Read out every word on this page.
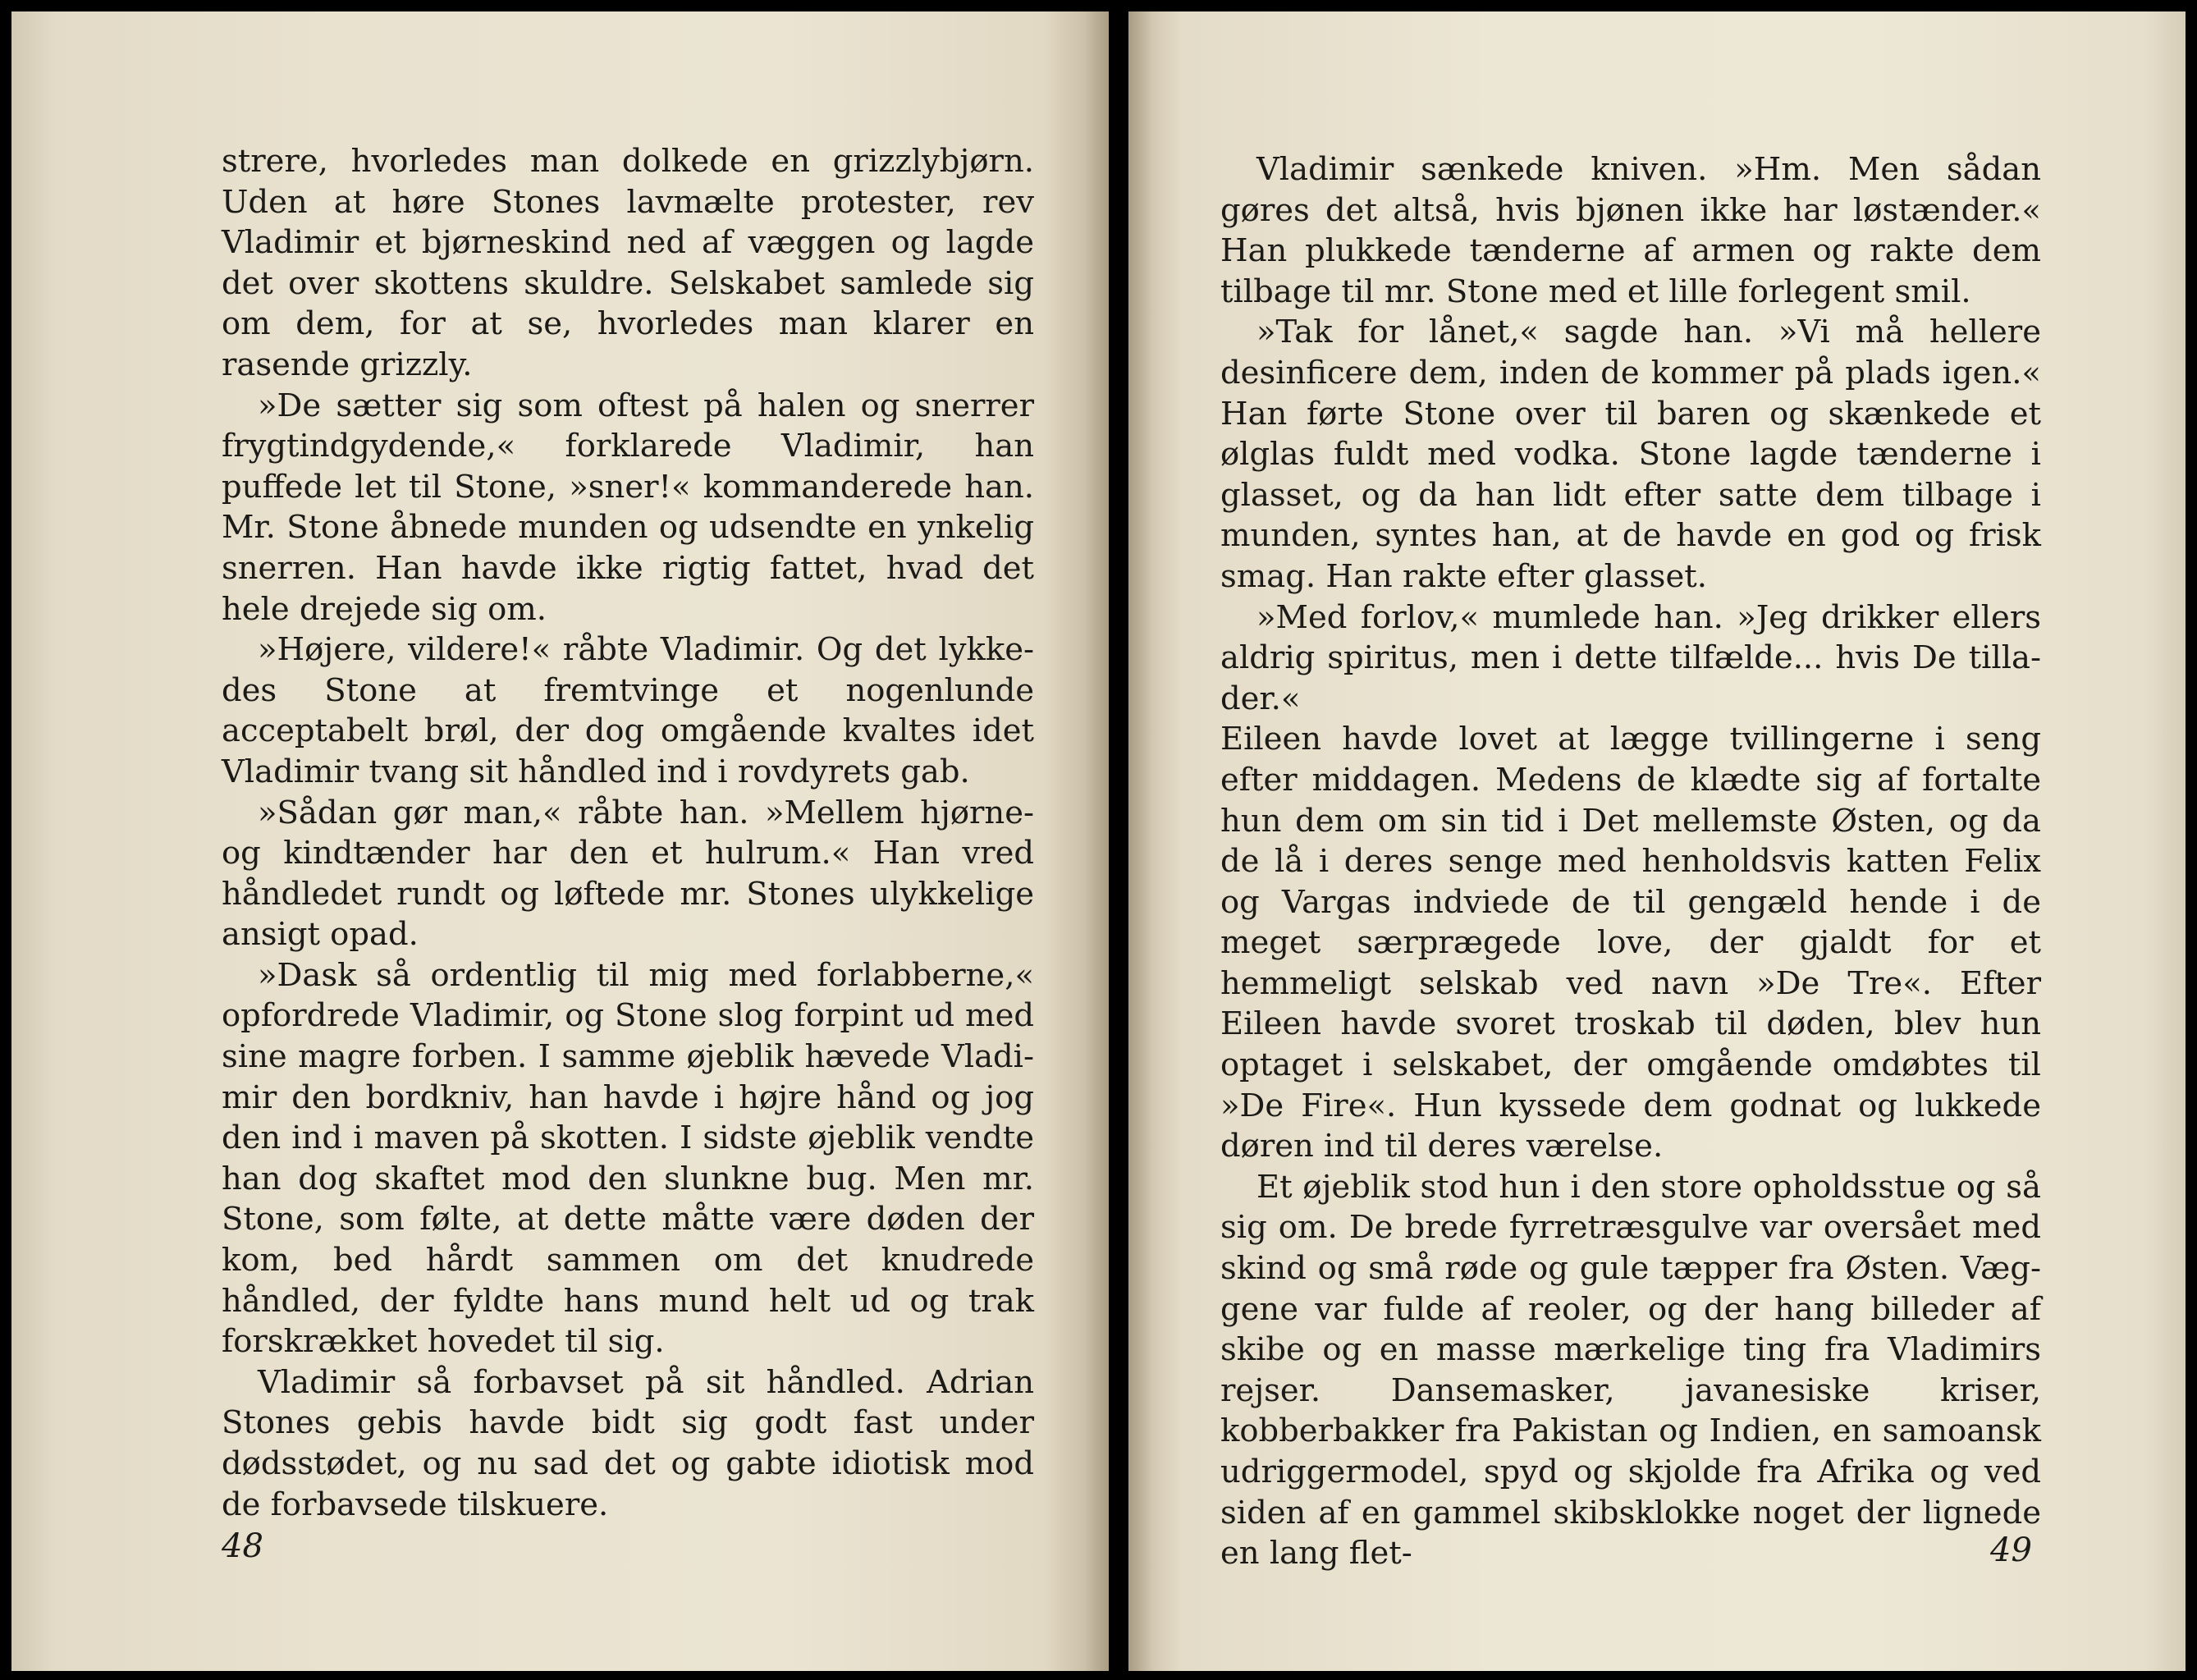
strere, hvorledes man dolkede en grizzlybjørn. Uden at høre Stones lavmælte protester, rev Vladimir et bjørneskind ned af væggen og lagde det over skottens skuldre. Selskabet samlede sig om dem, for at se, hvorledes man klarer en rasende grizzly.

»De sætter sig som oftest på halen og snerrer frygtindgydende,« forklarede Vladimir, han puffede let til Stone, »sner!« kommanderede han. Mr. Stone åbnede munden og udsendte en ynkelig snerren. Han havde ikke rigtig fattet, hvad det hele drejede sig om.

»Højere, vildere!« råbte Vladimir. Og det lykkedes Stone at fremtvinge et nogenlunde acceptabelt brøl, der dog omgående kvaltes idet Vladimir tvang sit håndled ind i rovdyrets gab.

»Sådan gør man,« råbte han. »Mellem hjørne- og kindtænder har den et hulrum.« Han vred håndledet rundt og løftede mr. Stones ulykkelige ansigt opad.

»Dask så ordentlig til mig med forlabberne,« opfordrede Vladimir, og Stone slog forpint ud med sine magre forben. I samme øjeblik hævede Vladimir den bordkniv, han havde i højre hånd og jog den ind i maven på skotten. I sidste øjeblik vendte han dog skaftet mod den slunkne bug. Men mr. Stone, som følte, at dette måtte være døden der kom, bed hårdt sammen om det knudrede håndled, der fyldte hans mund helt ud og trak forskrækket hovedet til sig.

Vladimir så forbavset på sit håndled. Adrian Stones gebis havde bidt sig godt fast under dødsstødet, og nu sad det og gabte idiotisk mod de forbavsede tilskuere.

48

Vladimir sænkede kniven. »Hm. Men sådan gøres det altså, hvis bjønen ikke har løstænder.« Han plukkede tænderne af armen og rakte dem tilbage til mr. Stone med et lille forlegent smil.

»Tak for lånet,« sagde han. »Vi må hellere desinficere dem, inden de kommer på plads igen.« Han førte Stone over til baren og skænkede et ølglas fuldt med vodka. Stone lagde tænderne i glasset, og da han lidt efter satte dem tilbage i munden, syntes han, at de havde en god og frisk smag. Han rakte efter glasset.

»Med forlov,« mumlede han. »Jeg drikker ellers aldrig spiritus, men i dette tilfælde... hvis De tillader.«

Eileen havde lovet at lægge tvillingerne i seng efter middagen. Medens de klædte sig af fortalte hun dem om sin tid i Det mellemste Østen, og da de lå i deres senge med henholdsvis katten Felix og Vargas indviede de til gengæld hende i de meget særprægede love, der gjaldt for et hemmeligt selskab ved navn »De Tre«. Efter Eileen havde svoret troskab til døden, blev hun optaget i selskabet, der omgående omdøbtes til »De Fire«. Hun kyssede dem godnat og lukkede døren ind til deres værelse.

Et øjeblik stod hun i den store opholdsstue og så sig om. De brede fyrretræsgulve var oversået med skind og små røde og gule tæpper fra Østen. Væggene var fulde af reoler, og der hang billeder af skibe og en masse mærkelige ting fra Vladimirs rejser. Dansemasker, javanesiske kriser, kobberbakker fra Pakistan og Indien, en samoansk udriggermodel, spyd og skjolde fra Afrika og ved siden af en gammel skibsklokke noget der lignede en lang flet-	49
